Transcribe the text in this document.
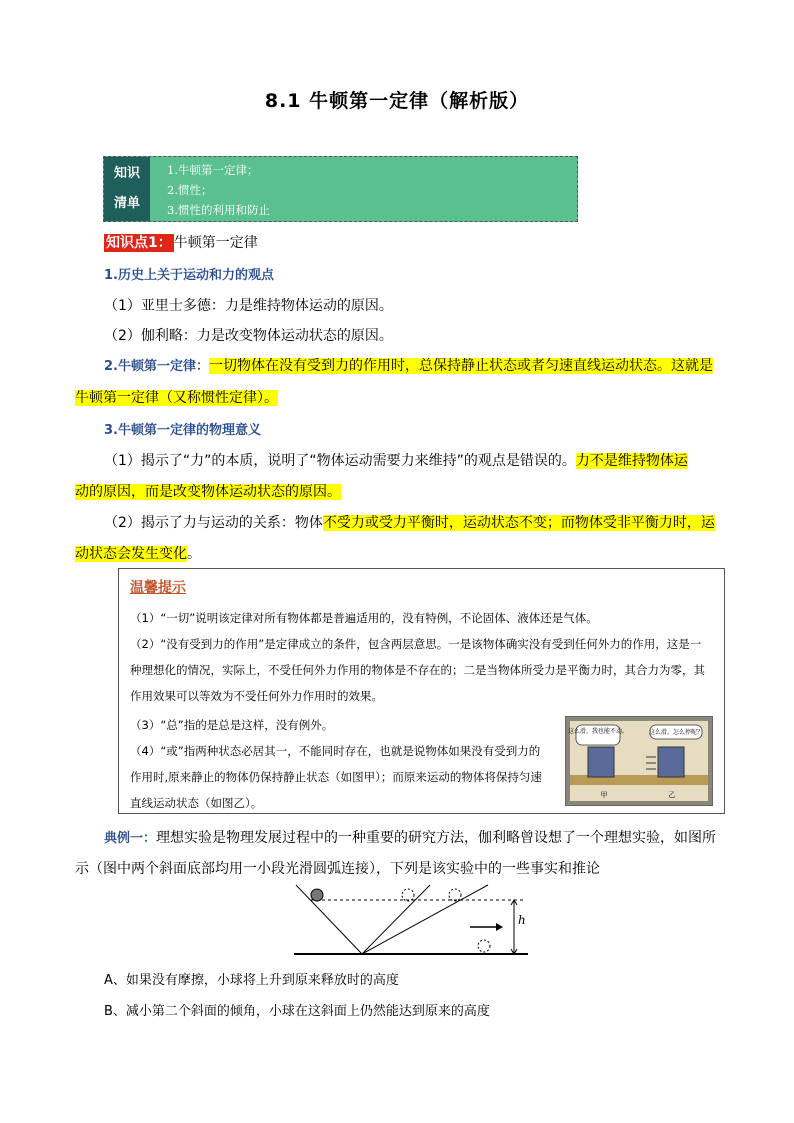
8.1 牛顿第一定律（解析版）
知识
清单
1.牛顿第一定律；
2.惯性；
3.惯性的利用和防止
知识点1： 牛顿第一定律
1.历史上关于运动和力的观点
（1）亚里士多德：力是维持物体运动的原因。
（2）伽利略：力是改变物体运动状态的原因。
2.牛顿第一定律：一切物体在没有受到力的作用时，总保持静止状态或者匀速直线运动状态。这就是
牛顿第一定律（又称惯性定律）。
3.牛顿第一定律的物理意义
（1）揭示了“力”的本质，说明了“物体运动需要力来维持”的观点是错误的。力不是维持物体运
动的原因，而是改变物体运动状态的原因。
（2）揭示了力与运动的关系：物体不受力或受力平衡时，运动状态不变；而物体受非平衡力时，运
动状态会发生变化。
温馨提示

（1）“一切”说明该定律对所有物体都是普遍适用的，没有特例，不论固体、液体还是气体。

（2）“没有受到力的作用”是定律成立的条件，包含两层意思。一是该物体确实没有受到任何外力的作用，这是一

种理想化的情况，实际上，不受任何外力作用的物体是不存在的；二是当物体所受力是平衡力时，其合力为零，其

作用效果可以等效为不受任何外力作用时的效果。

（3）“总”指的是总是这样，没有例外。

（4）“或”指两种状态必居其一，不能同时存在，也就是说物体如果没有受到力的

作用时,原来静止的物体仍保持静止状态（如图甲）；而原来运动的物体将保持匀速

直线运动状态（如图乙）。

这么滑，我也能不动。	这么滑，怎么停呢？
甲	乙
典例一：理想实验是物理发展过程中的一种重要的研究方法，伽利略曾设想了一个理想实验，如图所
示（图中两个斜面底部均用一小段光滑圆弧连接），下列是该实验中的一些事实和推论
h
A、如果没有摩擦，小球将上升到原来释放时的高度
B、减小第二个斜面的倾角，小球在这斜面上仍然能达到原来的高度
